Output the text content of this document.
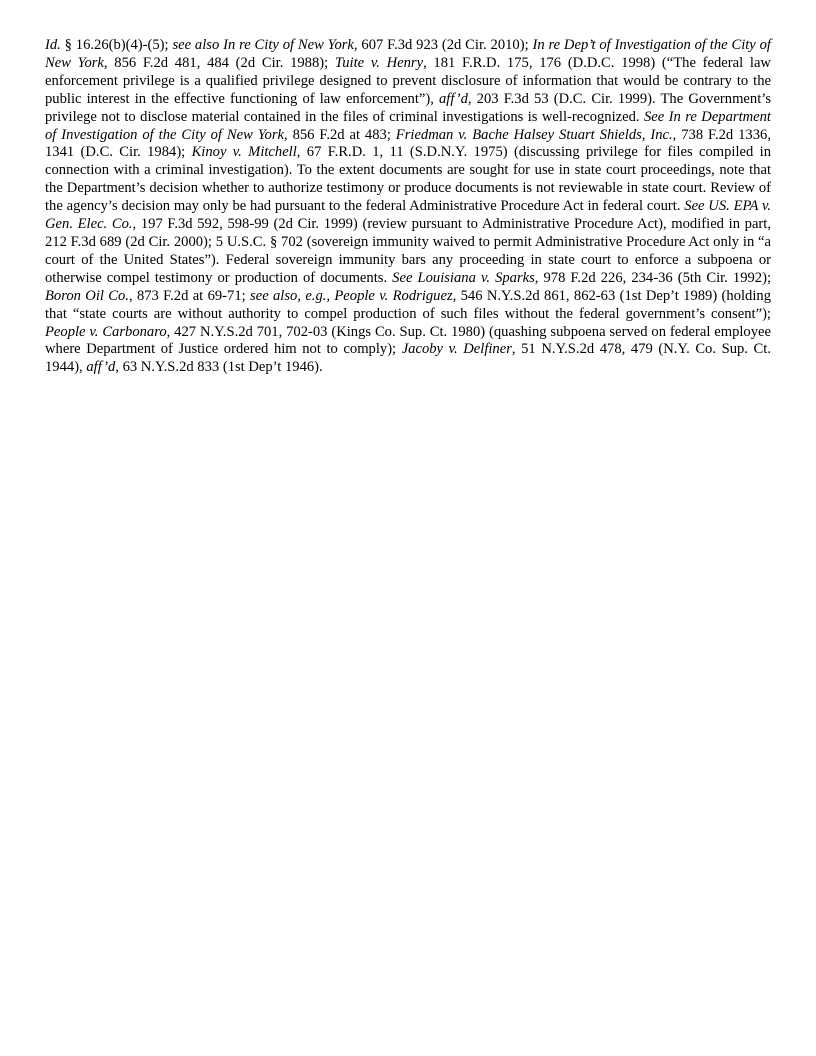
Id. § 16.26(b)(4)-(5); see also In re City of New York, 607 F.3d 923 (2d Cir. 2010); In re Dep’t of Investigation of the City of New York, 856 F.2d 481, 484 (2d Cir. 1988); Tuite v. Henry, 181 F.R.D. 175, 176 (D.D.C. 1998) (“The federal law enforcement privilege is a qualified privilege designed to prevent disclosure of information that would be contrary to the public interest in the effective functioning of law enforcement”), aff’d, 203 F.3d 53 (D.C. Cir. 1999). The Government’s privilege not to disclose material contained in the files of criminal investigations is well-recognized. See In re Department of Investigation of the City of New York, 856 F.2d at 483; Friedman v. Bache Halsey Stuart Shields, Inc., 738 F.2d 1336, 1341 (D.C. Cir. 1984); Kinoy v. Mitchell, 67 F.R.D. 1, 11 (S.D.N.Y. 1975) (discussing privilege for files compiled in connection with a criminal investigation). To the extent documents are sought for use in state court proceedings, note that the Department’s decision whether to authorize testimony or produce documents is not reviewable in state court. Review of the agency’s decision may only be had pursuant to the federal Administrative Procedure Act in federal court. See US. EPA v. Gen. Elec. Co., 197 F.3d 592, 598-99 (2d Cir. 1999) (review pursuant to Administrative Procedure Act), modified in part, 212 F.3d 689 (2d Cir. 2000); 5 U.S.C. § 702 (sovereign immunity waived to permit Administrative Procedure Act only in “a court of the United States”). Federal sovereign immunity bars any proceeding in state court to enforce a subpoena or otherwise compel testimony or production of documents. See Louisiana v. Sparks, 978 F.2d 226, 234-36 (5th Cir. 1992); Boron Oil Co., 873 F.2d at 69-71; see also, e.g., People v. Rodriguez, 546 N.Y.S.2d 861, 862-63 (1st Dep’t 1989) (holding that “state courts are without authority to compel production of such files without the federal government’s consent”); People v. Carbonaro, 427 N.Y.S.2d 701, 702-03 (Kings Co. Sup. Ct. 1980) (quashing subpoena served on federal employee where Department of Justice ordered him not to comply); Jacoby v. Delfiner, 51 N.Y.S.2d 478, 479 (N.Y. Co. Sup. Ct. 1944), aff’d, 63 N.Y.S.2d 833 (1st Dep’t 1946).
